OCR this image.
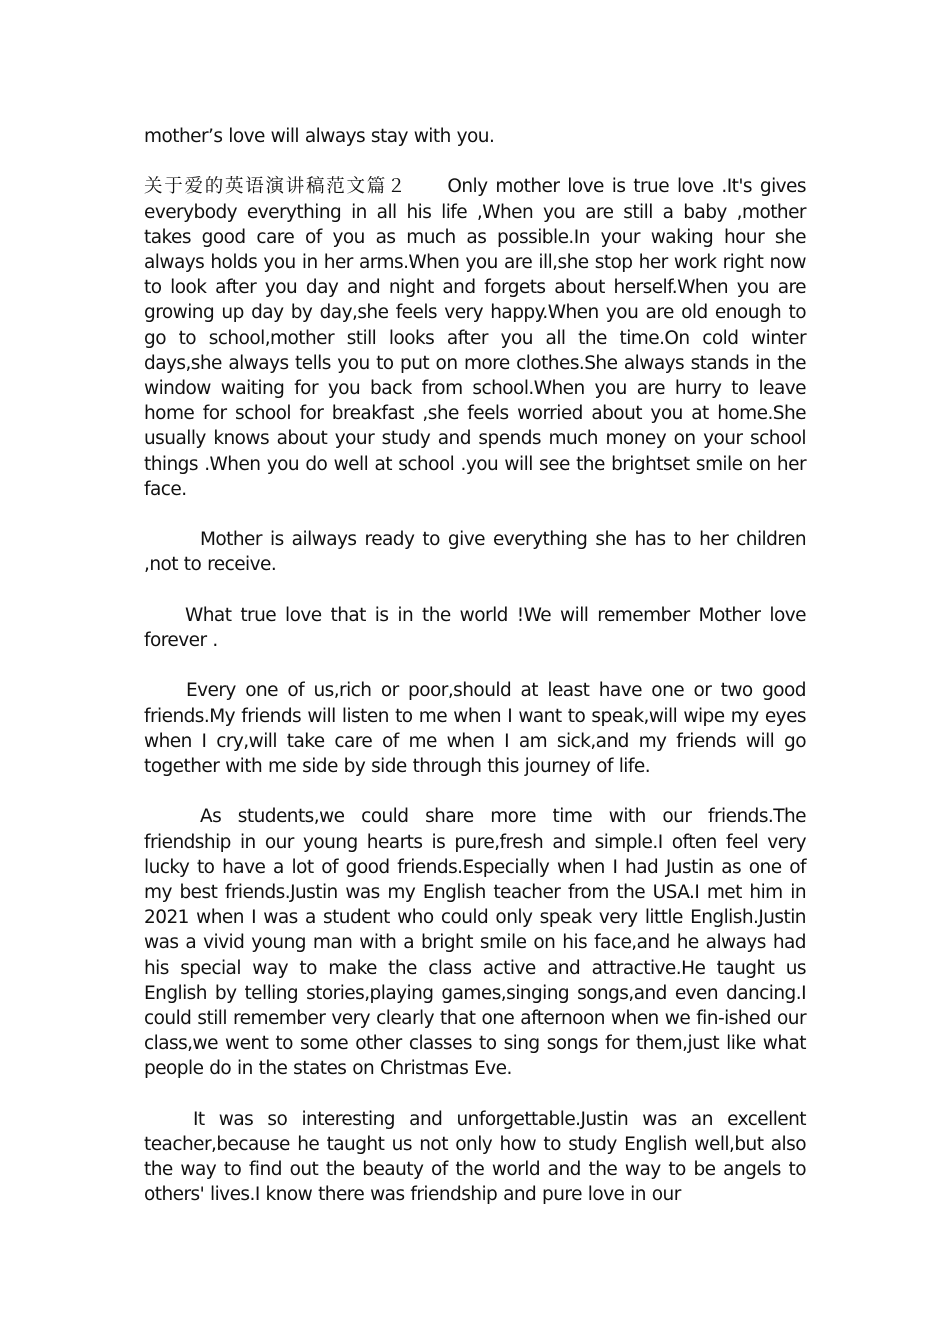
mother’s love will always stay with you.

关于爱的英语演讲稿范文篇２ Only mother love is true love .It's gives everybody everything in all his life ,When you are still a baby ,mother takes good care of you as much as possible.In your waking hour she always holds you in her arms.When you are ill,she stop her work right now to look after you day and night and forgets about herself.When you are growing up day by day,she feels very happy.When you are old enough to go to school,mother still looks after you all the time.On cold winter days,she always tells you to put on more clothes.She always stands in the window waiting for you back from school.When you are hurry to leave home for school for breakfast ,she feels worried about you at home.She usually knows about your study and spends much money on your school things .When you do well at school .you will see the brightset smile on her face.

Mother is ailways ready to give everything she has to her children ,not to receive.

What true love that is in the world !We will remember Mother love forever .

Every one of us,rich or poor,should at least have one or two good friends.My friends will listen to me when I want to speak,will wipe my eyes when I cry,will take care of me when I am sick,and my friends will go together with me side by side through this journey of life.

As students,we could share more time with our friends.The friendship in our young hearts is pure,fresh and simple.I often feel very lucky to have a lot of good friends.Especially when I had Justin as one of my best friends.Justin was my English teacher from the USA.I met him in 2021 when I was a student who could only speak very little English.Justin was a vivid young man with a bright smile on his face,and he always had his special way to make the class active and attractive.He taught us English by telling stories,playing games,singing songs,and even dancing.I could still remember very clearly that one afternoon when we fin-ished our class,we went to some other classes to sing songs for them,just like what people do in the states on Christmas Eve.

It was so interesting and unforgettable.Justin was an excellent teacher,because he taught us not only how to study English well,but also the way to find out the beauty of the world and the way to be angels to others' lives.I know there was friendship and pure love in our
